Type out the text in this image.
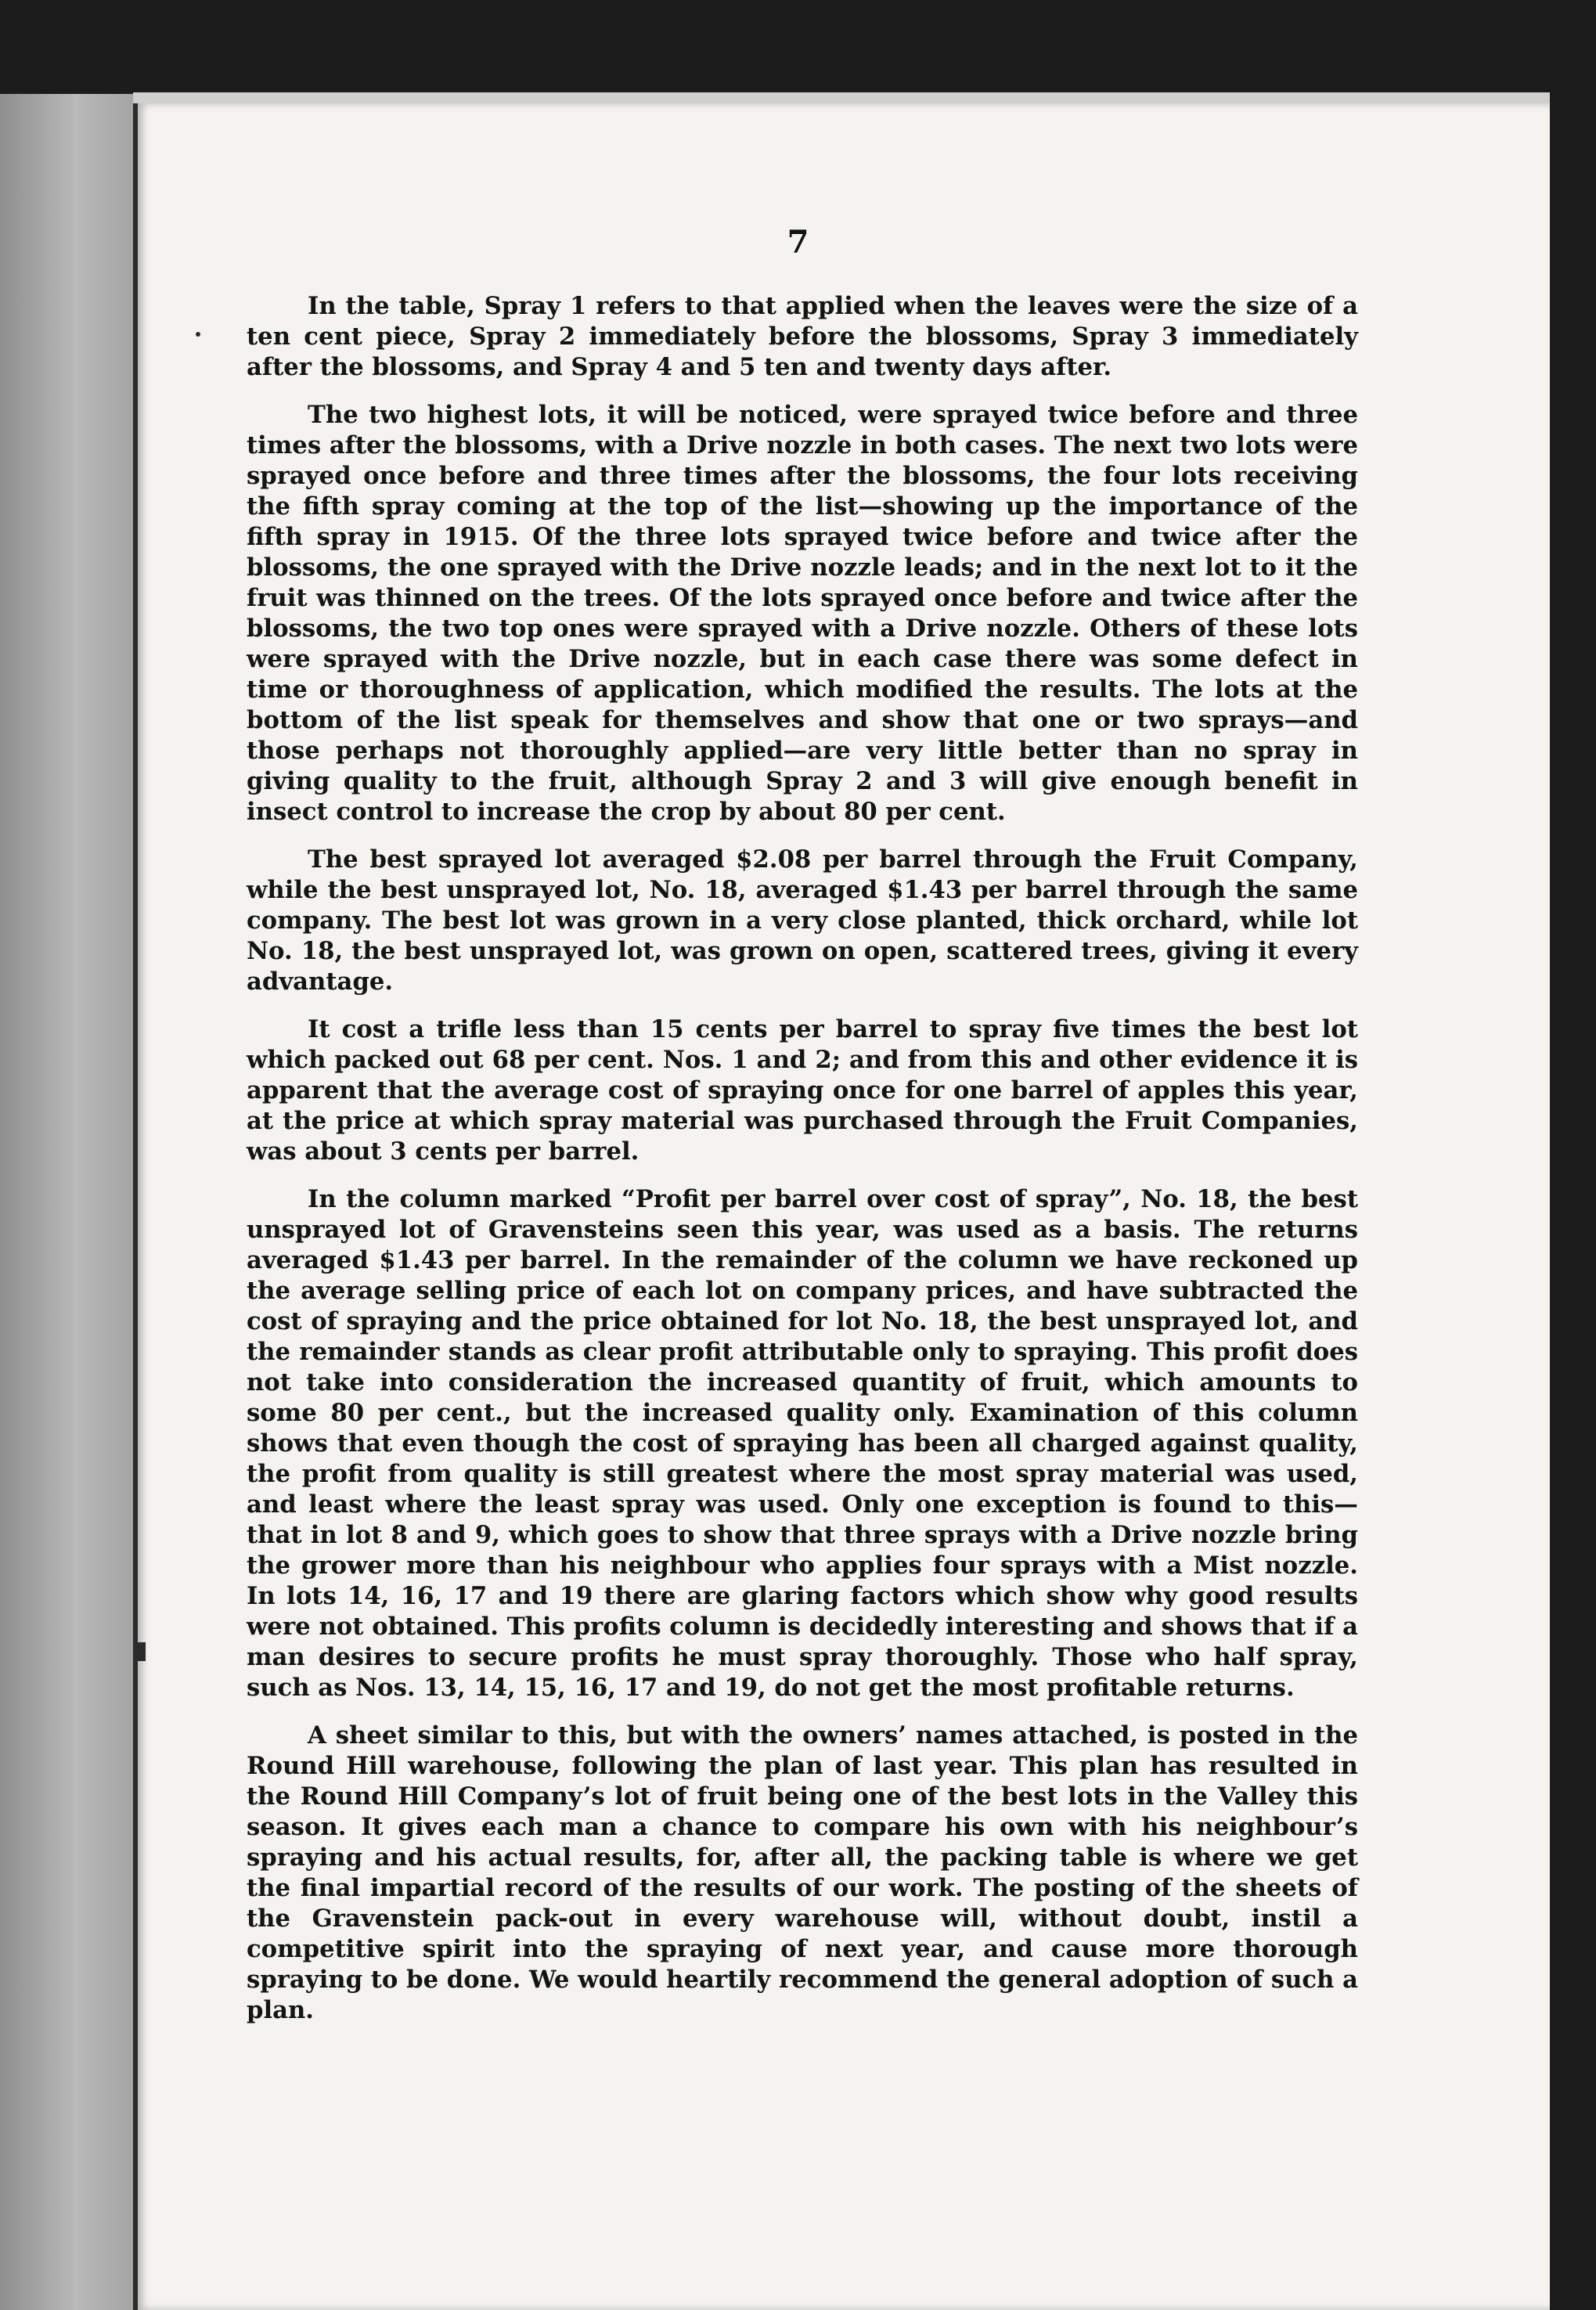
7

In the table, Spray 1 refers to that applied when the leaves were the size of a ten cent piece, Spray 2 immediately before the blossoms, Spray 3 immediately after the blossoms, and Spray 4 and 5 ten and twenty days after.

The two highest lots, it will be noticed, were sprayed twice before and three times after the blossoms, with a Drive nozzle in both cases. The next two lots were sprayed once before and three times after the blossoms, the four lots receiving the fifth spray coming at the top of the list—showing up the importance of the fifth spray in 1915. Of the three lots sprayed twice before and twice after the blossoms, the one sprayed with the Drive nozzle leads; and in the next lot to it the fruit was thinned on the trees. Of the lots sprayed once before and twice after the blossoms, the two top ones were sprayed with a Drive nozzle. Others of these lots were sprayed with the Drive nozzle, but in each case there was some defect in time or thoroughness of application, which modified the results. The lots at the bottom of the list speak for themselves and show that one or two sprays—and those perhaps not thoroughly applied—are very little better than no spray in giving quality to the fruit, although Spray 2 and 3 will give enough benefit in insect control to increase the crop by about 80 per cent.

The best sprayed lot averaged $2.08 per barrel through the Fruit Company, while the best unsprayed lot, No. 18, averaged $1.43 per barrel through the same company. The best lot was grown in a very close planted, thick orchard, while lot No. 18, the best unsprayed lot, was grown on open, scattered trees, giving it every advantage.

It cost a trifle less than 15 cents per barrel to spray five times the best lot which packed out 68 per cent. Nos. 1 and 2; and from this and other evidence it is apparent that the average cost of spraying once for one barrel of apples this year, at the price at which spray material was purchased through the Fruit Companies, was about 3 cents per barrel.

In the column marked “Profit per barrel over cost of spray”, No. 18, the best unsprayed lot of Gravensteins seen this year, was used as a basis. The returns averaged $1.43 per barrel. In the remainder of the column we have reckoned up the average selling price of each lot on company prices, and have subtracted the cost of spraying and the price obtained for lot No. 18, the best unsprayed lot, and the remainder stands as clear profit attributable only to spraying. This profit does not take into consideration the increased quantity of fruit, which amounts to some 80 per cent., but the increased quality only. Examination of this column shows that even though the cost of spraying has been all charged against quality, the profit from quality is still greatest where the most spray material was used, and least where the least spray was used. Only one exception is found to this—that in lot 8 and 9, which goes to show that three sprays with a Drive nozzle bring the grower more than his neighbour who applies four sprays with a Mist nozzle. In lots 14, 16, 17 and 19 there are glaring factors which show why good results were not obtained. This profits column is decidedly interesting and shows that if a man desires to secure profits he must spray thoroughly. Those who half spray, such as Nos. 13, 14, 15, 16, 17 and 19, do not get the most profitable returns.

A sheet similar to this, but with the owners’ names attached, is posted in the Round Hill warehouse, following the plan of last year. This plan has resulted in the Round Hill Company’s lot of fruit being one of the best lots in the Valley this season. It gives each man a chance to compare his own with his neighbour’s spraying and his actual results, for, after all, the packing table is where we get the final impartial record of the results of our work. The posting of the sheets of the Gravenstein pack-out in every warehouse will, without doubt, instil a competitive spirit into the spraying of next year, and cause more thorough spraying to be done. We would heartily recommend the general adoption of such a plan.
